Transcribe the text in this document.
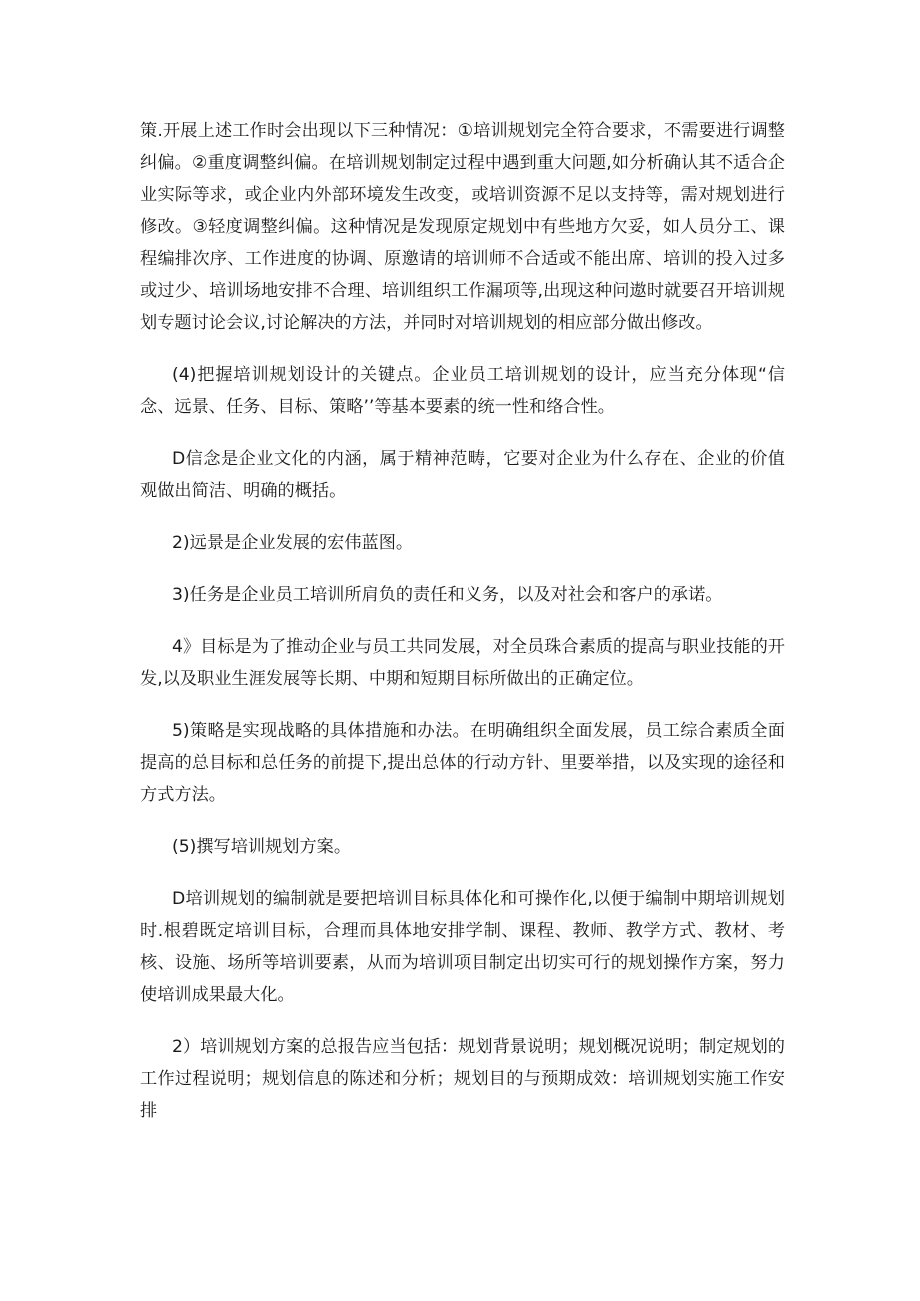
策.开展上述工作时会出现以下三种情况：①培训规划完全符合要求，不需要进行调整纠偏。②重度调整纠偏。在培训规划制定过程中遇到重大问题,如分析确认其不适合企业实际等求，或企业内外部环境发生改变，或培训资源不足以支持等，需对规划进行修改。③轻度调整纠偏。这种情况是发现原定规划中有些地方欠妥，如人员分工、课程编排次序、工作进度的协调、原邀请的培训师不合适或不能出席、培训的投入过多或过少、培训场地安排不合理、培训组织工作漏项等,出现这种问遨时就要召开培训规划专题讨论会议,讨论解决的方法，并同时对培训规划的相应部分做出修改。

(4)把握培训规划设计的关键点。企业员工培训规划的设计，应当充分体现“信念、远景、任务、目标、策略’’等基本要素的统一性和络合性。

D信念是企业文化的内涵，属于精神范畴，它要对企业为什么存在、企业的价值观做出简洁、明确的概括。

2)远景是企业发展的宏伟蓝图。

3)任务是企业员工培训所肩负的责任和义务，以及对社会和客户的承诺。

4》目标是为了推动企业与员工共同发展，对全员珠合素质的提高与职业技能的开发,以及职业生涯发展等长期、中期和短期目标所做出的正确定位。

5)策略是实现战略的具体措施和办法。在明确组织全面发展，员工综合素质全面提高的总目标和总任务的前提下,提出总体的行动方针、里要举措，以及实现的途径和方式方法。

(5)撰写培训规划方案。

D培训规划的编制就是要把培训目标具体化和可操作化,以便于编制中期培训规划时.根碧既定培训目标，合理而具体地安排学制、课程、教师、教学方式、教材、考核、设施、场所等培训要素，从而为培训项目制定出切实可行的规划操作方案，努力使培训成果最大化。

2）培训规划方案的总报告应当包括：规划背景说明；规划概况说明；制定规划的工作过程说明；规划信息的陈述和分析；规划目的与预期成效：培训规划实施工作安排
